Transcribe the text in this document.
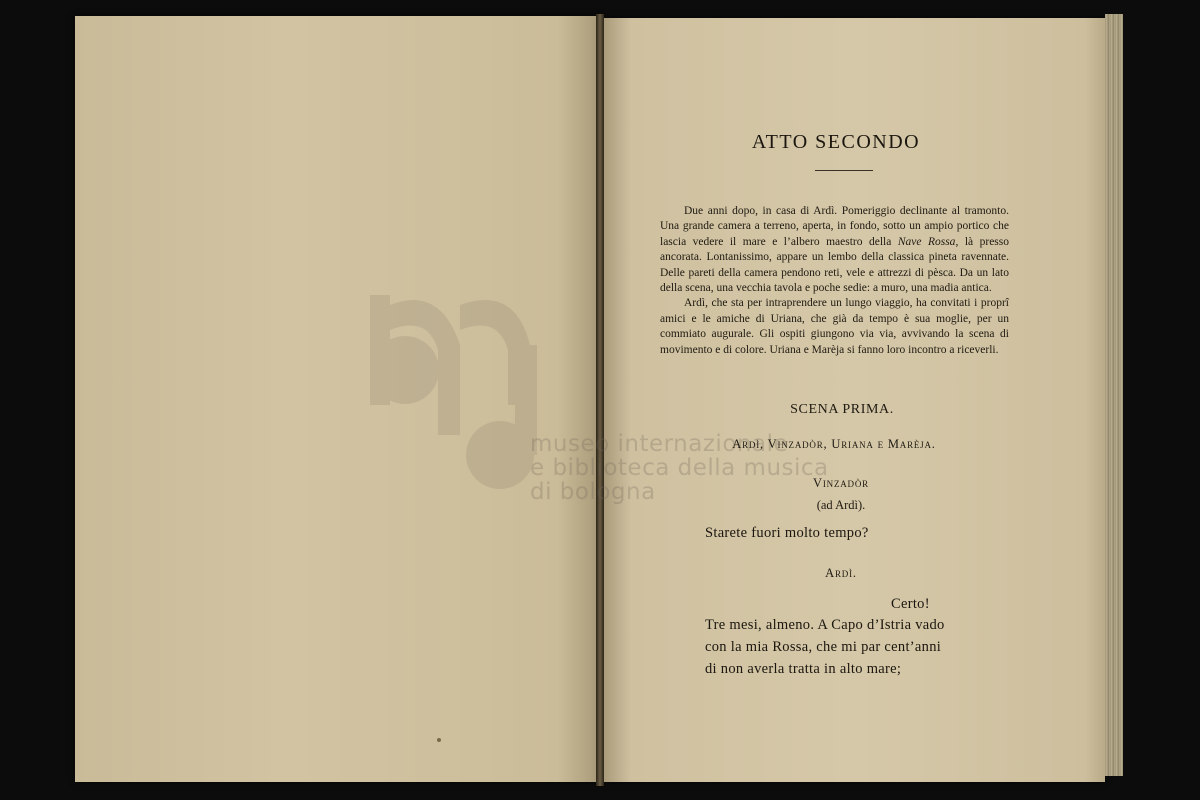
museo internazionale
e biblioteca della musica
di bologna
ATTO SECONDO

Due anni dopo, in casa di Ardì. Pomeriggio declinante al tramonto. Una grande camera a terreno, aperta, in fondo, sotto un ampio portico che lascia vedere il mare e l’albero maestro della Nave Rossa, là presso ancorata. Lontanissimo, appare un lembo della classica pineta ravennate. Delle pareti della camera pendono reti, vele e attrezzi di pèsca. Da un lato della scena, una vecchia tavola e poche sedie: a muro, una madia antica.

Ardì, che sta per intraprendere un lungo viaggio, ha convitati i proprî amici e le amiche di Uriana, che già da tempo è sua moglie, per un commiato augurale. Gli ospiti giungono via via, avvivando la scena di movimento e di colore. Uriana e Marèja si fanno loro incontro a riceverli.

SCENA PRIMA.
Ardì, Vinzadòr, Uriana e Marèja.
Vinzadòr
(ad Ardì).
Starete fuori molto tempo?
Ardì.
Certo!
Tre mesi, almeno. A Capo d’Istria vado
con la mia Rossa, che mi par cent’anni
di non averla tratta in alto mare;
